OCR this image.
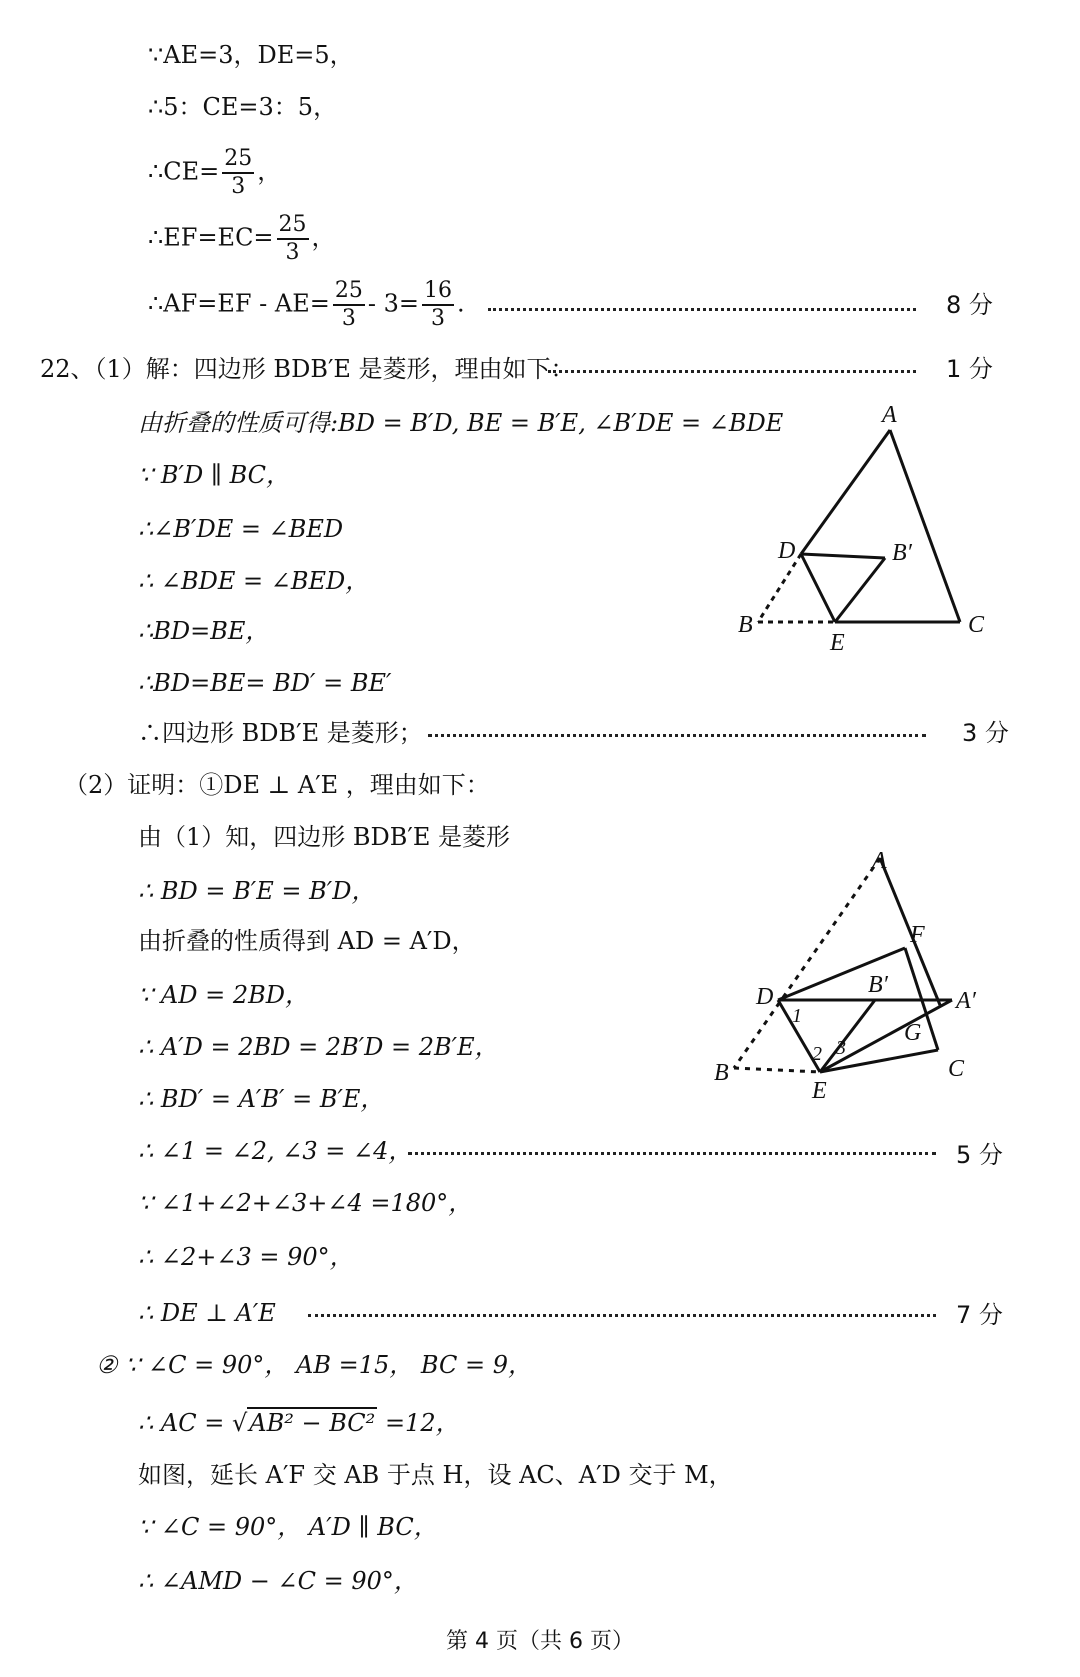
∵AE=3，DE=5，
∴5：CE=3：5，
∴CE= $\frac{25}{3}$ ，
∴EF=EC= $\frac{25}{3}$ ，
∴AF=EF - $AE= \frac{25}{3} - 3= \frac{16}{3}$ .	8 分
22、（1）解：四边形 BDB′E 是菱形，理由如下：	1 分
由折叠的性质可得:BD = B′D, BE = B′E, ∠B′DE = ∠BDE
∵ B′D ∥ BC，
∴∠B′DE = ∠BED
∴ ∠BDE = ∠BED，
∴BD=BE，
∴BD=BE= BD′ = BE′
∴四边形 BDB′E 是菱形；	3 分
A
B	C
D
E
B′
（2）证明：①DE ⊥ A′E ，理由如下：
由（1）知，四边形 BDB′E 是菱形
∴ BD = B′E = B′D，
由折叠的性质得到 AD = A′D，
∵ AD = 2BD，
∴ A′D = 2BD = 2B′D = 2B′E，
∴ BD′ = A′B′ = B′E，
∴ ∠1 = ∠2, ∠3 = ∠4，	5 分
∵ ∠1+∠2+∠3+∠4 =180°，
∴ ∠2+∠3 = 90°，
∴ DE ⊥ A′E	7 分
A
B	C
D
E
F
G
B′
A′
1
2 3
② ∵ ∠C = 90°， AB =15， BC = 9，
∴ AC = √AB² − BC² =12，
如图，延长 A′F 交 AB 于点 H，设 AC、A′D 交于 M，
∵ ∠C = 90°， A′D ∥ BC，
∴ ∠AMD − ∠C = 90°，
第 4 页（共 6 页）
